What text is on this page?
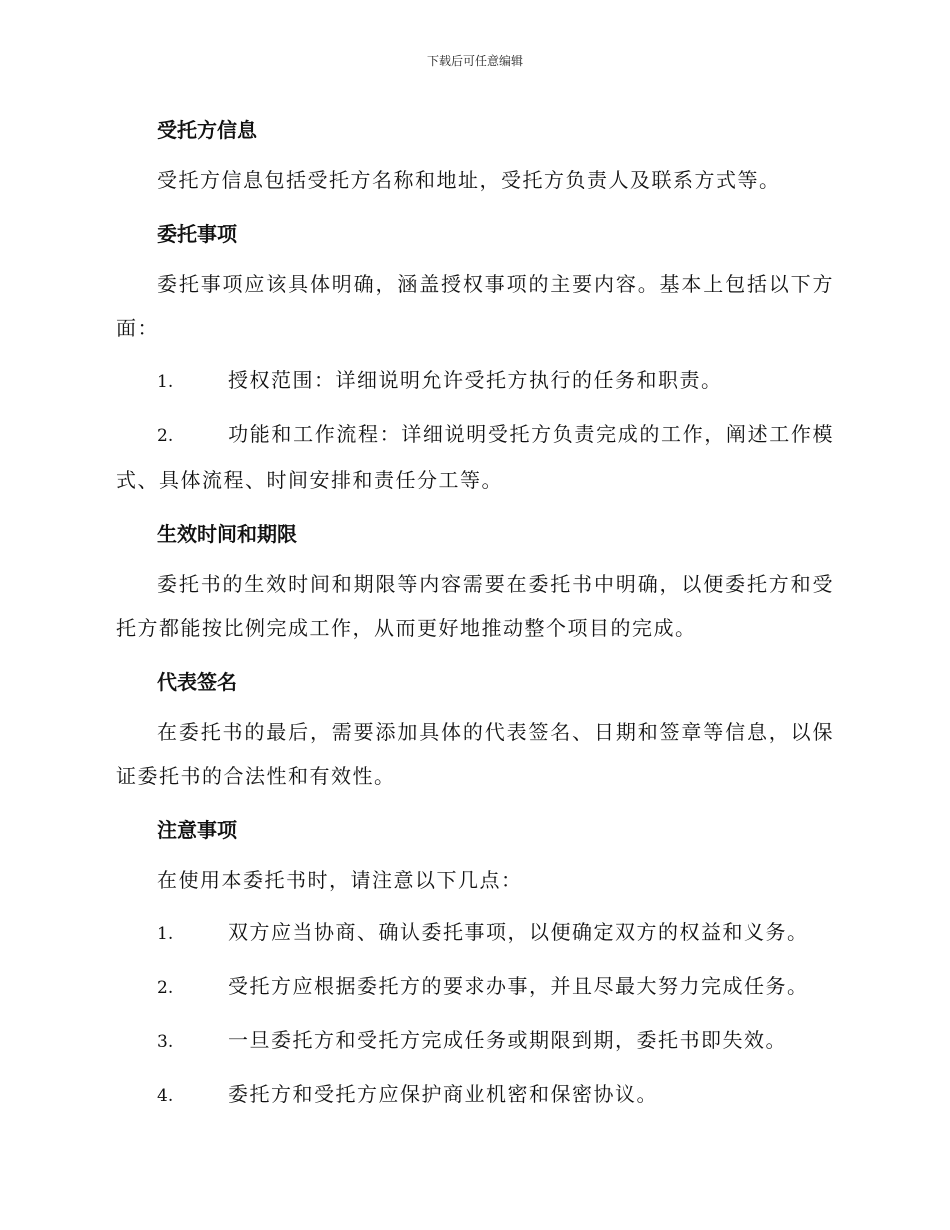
下载后可任意编辑
受托方信息

受托方信息包括受托方名称和地址，受托方负责人及联系方式等。

委托事项

委托事项应该具体明确，涵盖授权事项的主要内容。基本上包括以下方面：

1.	授权范围：详细说明允许受托方执行的任务和职责。

2.	功能和工作流程：详细说明受托方负责完成的工作，阐述工作模式、具体流程、时间安排和责任分工等。

生效时间和期限

委托书的生效时间和期限等内容需要在委托书中明确，以便委托方和受托方都能按比例完成工作，从而更好地推动整个项目的完成。

代表签名

在委托书的最后，需要添加具体的代表签名、日期和签章等信息，以保证委托书的合法性和有效性。

注意事项

在使用本委托书时，请注意以下几点：

1.	双方应当协商、确认委托事项，以便确定双方的权益和义务。

2.	受托方应根据委托方的要求办事，并且尽最大努力完成任务。

3.	一旦委托方和受托方完成任务或期限到期，委托书即失效。

4.	委托方和受托方应保护商业机密和保密协议。
